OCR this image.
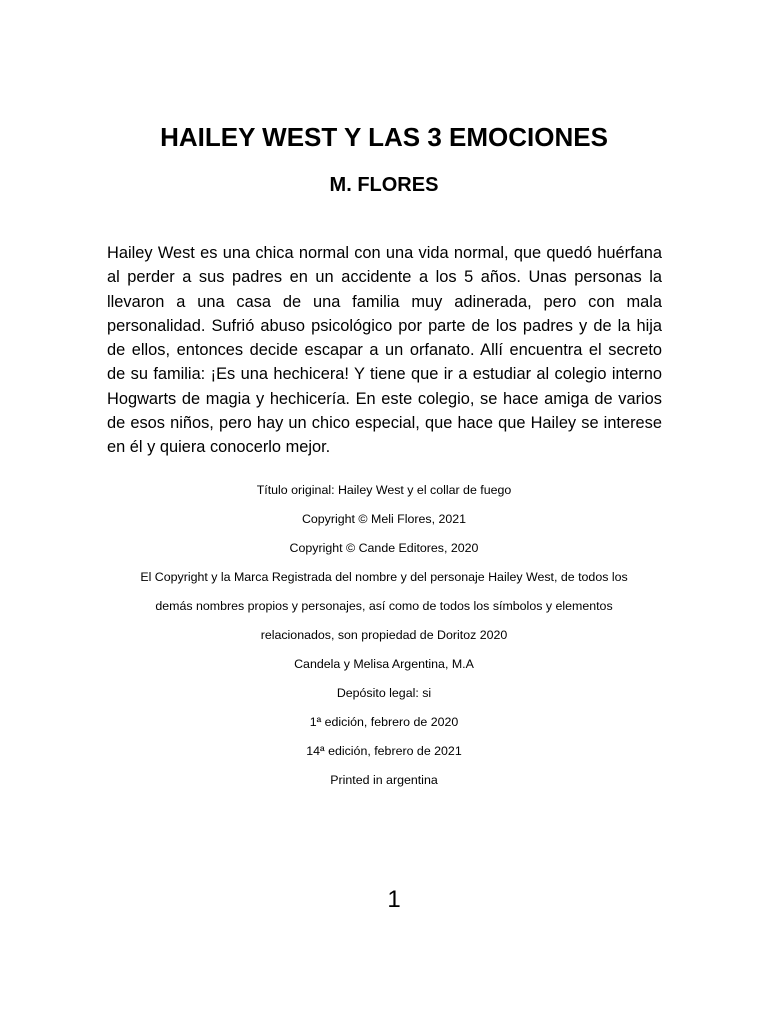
HAILEY WEST Y LAS 3 EMOCIONES
M. FLORES

Hailey West es una chica normal con una vida normal, que quedó huérfana al perder a sus padres en un accidente a los 5 años. Unas personas la llevaron a una casa de una familia muy adinerada, pero con mala personalidad. Sufrió abuso psicológico por parte de los padres y de la hija de ellos, entonces decide escapar a un orfanato. Allí encuentra el secreto de su familia: ¡Es una hechicera! Y tiene que ir a estudiar al colegio interno Hogwarts de magia y hechicería. En este colegio, se hace amiga de varios de esos niños, pero hay un chico especial, que hace que Hailey se interese en él y quiera conocerlo mejor.

Título original: Hailey West y el collar de fuego
Copyright © Meli Flores, 2021
Copyright © Cande Editores, 2020
El Copyright y la Marca Registrada del nombre y del personaje Hailey West, de todos los
demás nombres propios y personajes, así como de todos los símbolos y elementos
relacionados, son propiedad de Doritoz 2020
Candela y Melisa Argentina, M.A
Depósito legal: si
1ª edición, febrero de 2020
14ª edición, febrero de 2021
Printed in argentina
1
